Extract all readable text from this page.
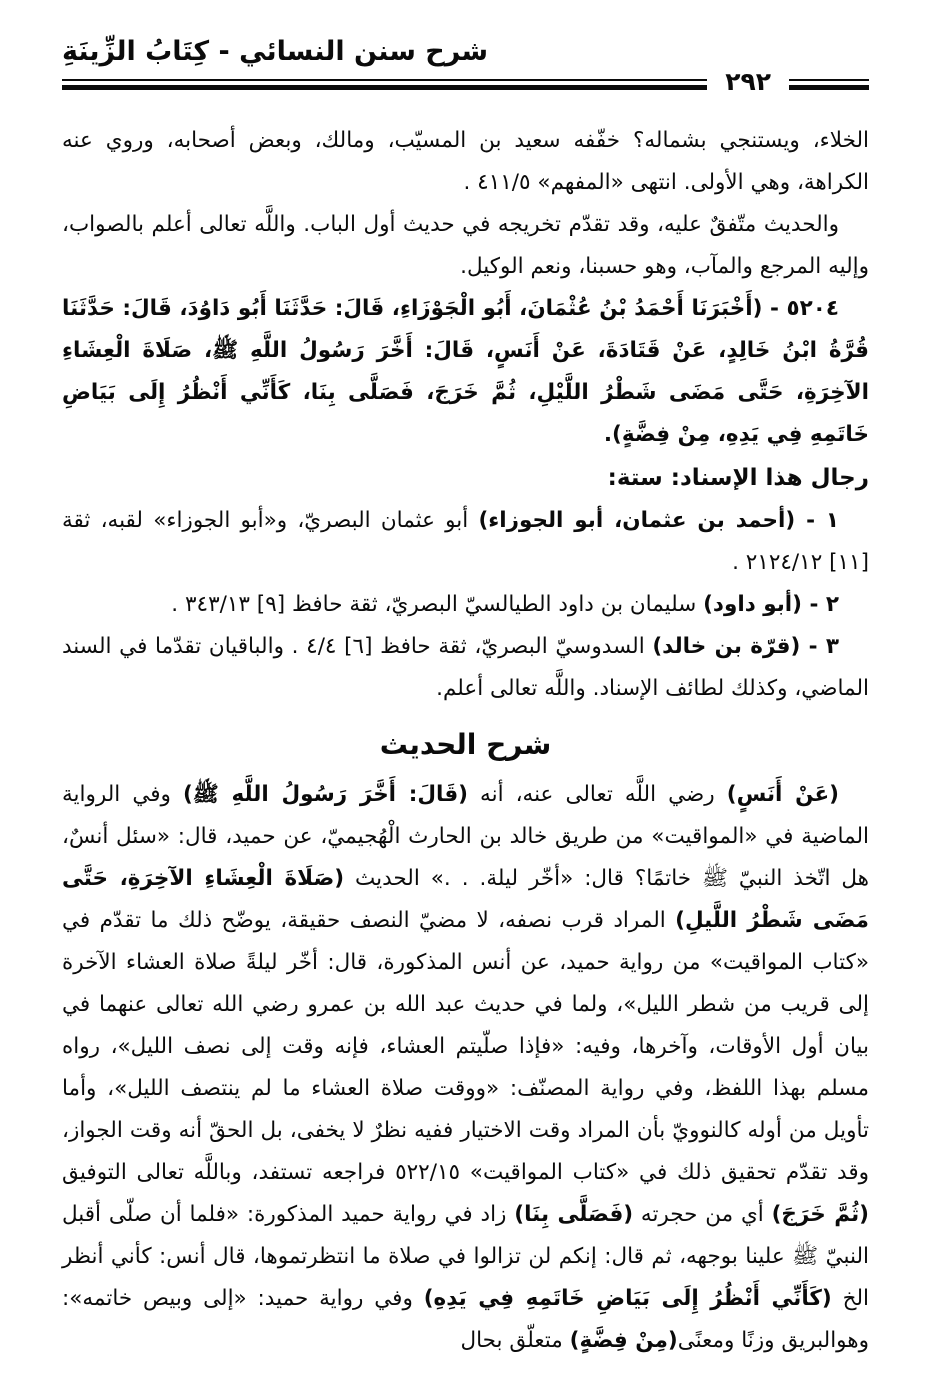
شرح سنن النسائي - كِتَابُ الزِّينَةِ
٢٩٢

الخلاء، ويستنجي بشماله؟ خفّفه سعيد بن المسيّب، ومالك، وبعض أصحابه، وروي عنه الكراهة، وهي الأولى. انتهى «المفهم» ٤١١/٥ .

والحديث متّفقٌ عليه، وقد تقدّم تخريجه في حديث أول الباب. واللَّه تعالى أعلم بالصواب، وإليه المرجع والمآب، وهو حسبنا، ونعم الوكيل.

٥٢٠٤ - (أَخْبَرَنَا أَحْمَدُ بْنُ عُثْمَانَ، أَبُو الْجَوْزَاءِ، قَالَ: حَدَّثَنَا أَبُو دَاوُدَ، قَالَ: حَدَّثَنَا قُرَّةُ ابْنُ خَالِدٍ، عَنْ قَتَادَةَ، عَنْ أَنَسٍ، قَالَ: أَخَّرَ رَسُولُ اللَّهِ ﷺ، صَلَاةَ الْعِشَاءِ الآخِرَةِ، حَتَّى مَضَى شَطْرُ اللَّيْلِ، ثُمَّ خَرَجَ، فَصَلَّى بِنَا، كَأَنِّي أَنْظُرُ إِلَى بَيَاضِ خَاتَمِهِ فِي يَدِهِ، مِنْ فِضَّةٍ).

رجال هذا الإسناد: ستة:

١ - (أحمد بن عثمان، أبو الجوزاء) أبو عثمان البصريّ، و«أبو الجوزاء» لقبه، ثقة [١١] ٢١٢٤/١٢ .

٢ - (أبو داود) سليمان بن داود الطيالسيّ البصريّ، ثقة حافظ [٩] ٣٤٣/١٣ .

٣ - (قرّة بن خالد) السدوسيّ البصريّ، ثقة حافظ [٦] ٤/٤ . والباقيان تقدّما في السند الماضي، وكذلك لطائف الإسناد. واللَّه تعالى أعلم.

شرح الحديث

(عَنْ أَنَسٍ) رضي اللَّه تعالى عنه، أنه (قَالَ: أَخَّرَ رَسُولُ اللَّهِ ﷺ) وفي الرواية الماضية في «المواقيت» من طريق خالد بن الحارث الْهُجيميّ، عن حميد، قال: «سئل أنسٌ، هل اتّخذ النبيّ ﷺ خاتمًا؟ قال: «أخّر ليلة. . .» الحديث (صَلَاةَ الْعِشَاءِ الآخِرَةِ، حَتَّى مَضَى شَطْرُ اللَّيلِ) المراد قرب نصفه، لا مضيّ النصف حقيقة، يوضّح ذلك ما تقدّم في «كتاب المواقيت» من رواية حميد، عن أنس المذكورة، قال: أخّر ليلةً صلاة العشاء الآخرة إلى قريب من شطر الليل»، ولما في حديث عبد الله بن عمرو رضي الله تعالى عنهما في بيان أول الأوقات، وآخرها، وفيه: «فإذا صلّيتم العشاء، فإنه وقت إلى نصف الليل»، رواه مسلم بهذا اللفظ، وفي رواية المصنّف: «ووقت صلاة العشاء ما لم ينتصف الليل»، وأما تأويل من أوله كالنوويّ بأن المراد وقت الاختيار ففيه نظرٌ لا يخفى، بل الحقّ أنه وقت الجواز، وقد تقدّم تحقيق ذلك في «كتاب المواقيت» ٥٢٢/١٥ فراجعه تستفد، وباللَّه تعالى التوفيق (ثُمَّ خَرَجَ) أي من حجرته (فَصَلَّى بِنَا) زاد في رواية حميد المذكورة: «فلما أن صلّى أقبل النبيّ ﷺ علينا بوجهه، ثم قال: إنكم لن تزالوا في صلاة ما انتظرتموها، قال أنس: كأني أنظر الخ (كَأَنِّي أَنْظُرُ إِلَى بَيَاضِ خَاتَمِهِ فِي يَدِهِ) وفي رواية حميد: «إلى وبيص خاتمه»: وهوالبريق وزنًا ومعنًى(مِنْ فِضَّةٍ) متعلّق بحال
